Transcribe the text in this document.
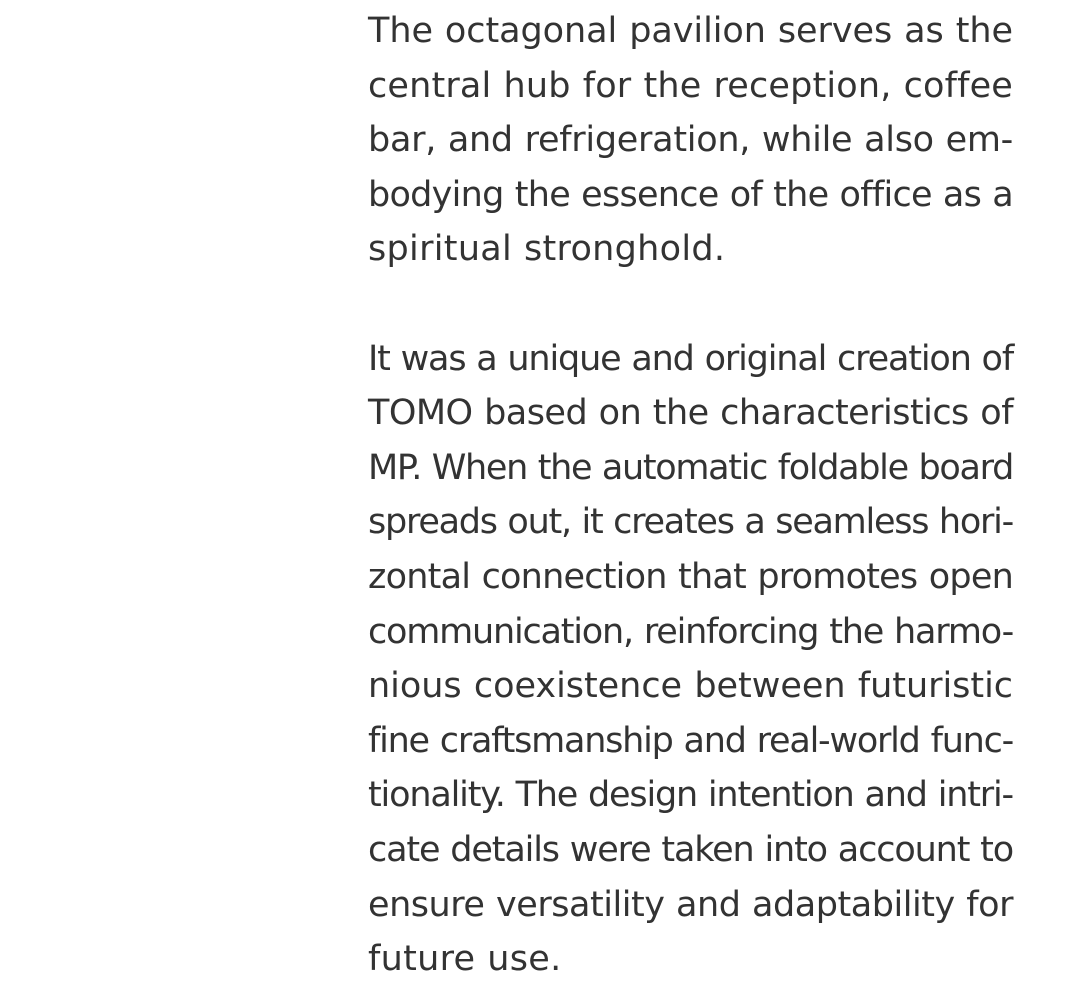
The octagonal pavilion serves as the
central hub for the reception, coffee
bar, and refrigeration, while also em-
bodying the essence of the office as a
spiritual stronghold.

It was a unique and original creation of
TOMO based on the characteristics of
MP. When the automatic foldable board
spreads out, it creates a seamless hori-
zontal connection that promotes open
communication, reinforcing the harmo-
nious coexistence between futuristic
fine craftsmanship and real-world func-
tionality. The design intention and intri-
cate details were taken into account to
ensure versatility and adaptability for
future use.
